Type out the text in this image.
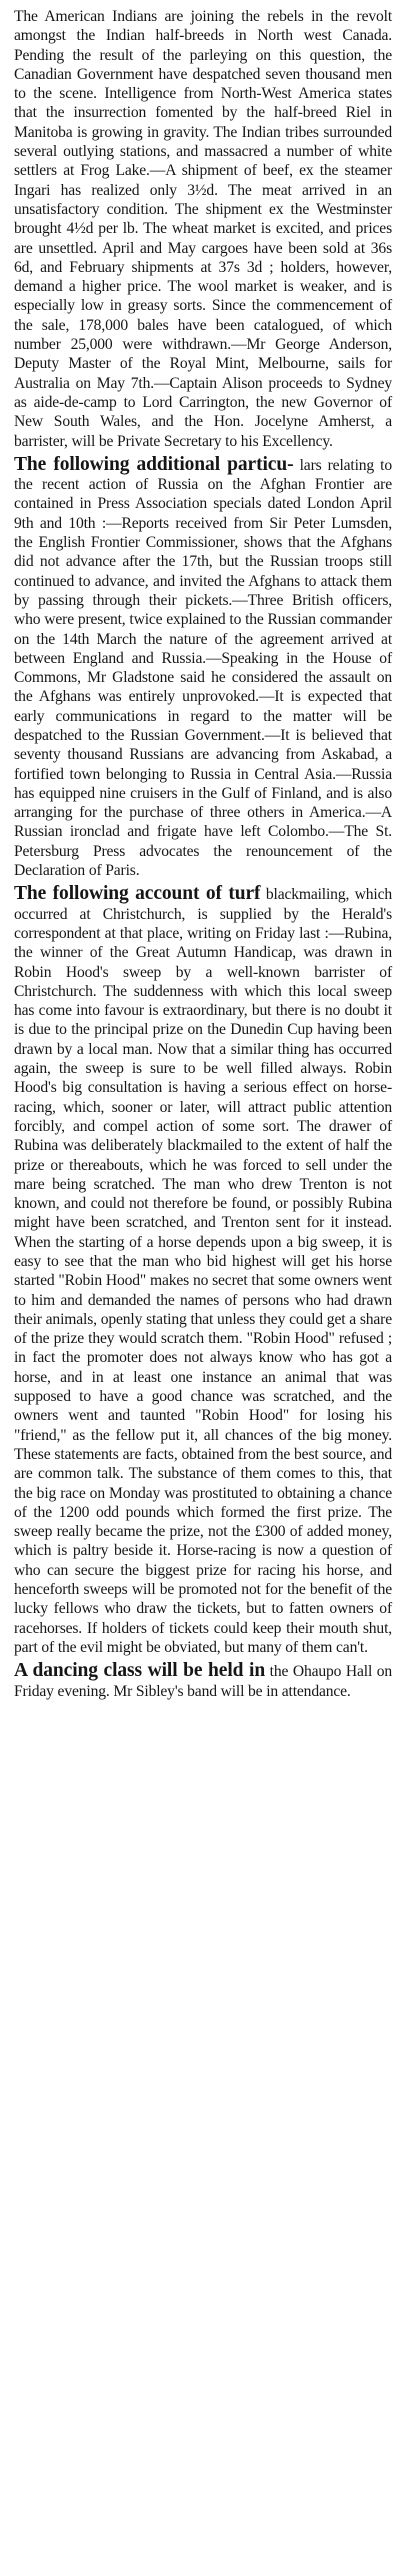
The American Indians are joining the rebels in the revolt amongst the Indian half-breeds in North west Canada. Pending the result of the parleying on this question, the Canadian Government have despatched seven thousand men to the scene. Intelligence from North-West America states that the insurrection fomented by the half-breed Riel in Manitoba is growing in gravity. The Indian tribes surrounded several outlying stations, and massacred a number of white settlers at Frog Lake.—A shipment of beef, ex the steamer Ingari has realized only 3½d. The meat arrived in an unsatisfactory condition. The shipment ex the Westminster brought 4½d per lb. The wheat market is excited, and prices are unsettled. April and May cargoes have been sold at 36s 6d, and February shipments at 37s 3d ; holders, however, demand a higher price. The wool market is weaker, and is especially low in greasy sorts. Since the commencement of the sale, 178,000 bales have been catalogued, of which number 25,000 were withdrawn.—Mr George Anderson, Deputy Master of the Royal Mint, Melbourne, sails for Australia on May 7th.—Captain Alison proceeds to Sydney as aide-de-camp to Lord Carrington, the new Governor of New South Wales, and the Hon. Jocelyne Amherst, a barrister, will be Private Secretary to his Excellency.

The following additional particu- lars relating to the recent action of Russia on the Afghan Frontier are contained in Press Association specials dated London April 9th and 10th :—Reports received from Sir Peter Lumsden, the English Frontier Commissioner, shows that the Afghans did not advance after the 17th, but the Russian troops still continued to advance, and invited the Afghans to attack them by passing through their pickets.—Three British officers, who were present, twice explained to the Russian commander on the 14th March the nature of the agreement arrived at between England and Russia.—Speaking in the House of Commons, Mr Gladstone said he considered the assault on the Afghans was entirely unprovoked.—It is expected that early communications in regard to the matter will be despatched to the Russian Government.—It is believed that seventy thousand Russians are advancing from Askabad, a fortified town belonging to Russia in Central Asia.—Russia has equipped nine cruisers in the Gulf of Finland, and is also arranging for the purchase of three others in America.—A Russian ironclad and frigate have left Colombo.—The St. Petersburg Press advocates the renouncement of the Declaration of Paris.

The following account of turf blackmailing, which occurred at Christchurch, is supplied by the Herald's correspondent at that place, writing on Friday last :—Rubina, the winner of the Great Autumn Handicap, was drawn in Robin Hood's sweep by a well-known barrister of Christchurch. The suddenness with which this local sweep has come into favour is extraordinary, but there is no doubt it is due to the principal prize on the Dunedin Cup having been drawn by a local man. Now that a similar thing has occurred again, the sweep is sure to be well filled always. Robin Hood's big consultation is having a serious effect on horse-racing, which, sooner or later, will attract public attention forcibly, and compel action of some sort. The drawer of Rubina was deliberately blackmailed to the extent of half the prize or thereabouts, which he was forced to sell under the mare being scratched. The man who drew Trenton is not known, and could not therefore be found, or possibly Rubina might have been scratched, and Trenton sent for it instead. When the starting of a horse depends upon a big sweep, it is easy to see that the man who bid highest will get his horse started "Robin Hood" makes no secret that some owners went to him and demanded the names of persons who had drawn their animals, openly stating that unless they could get a share of the prize they would scratch them. "Robin Hood" refused ; in fact the promoter does not always know who has got a horse, and in at least one instance an animal that was supposed to have a good chance was scratched, and the owners went and taunted "Robin Hood" for losing his "friend," as the fellow put it, all chances of the big money. These statements are facts, obtained from the best source, and are common talk. The substance of them comes to this, that the big race on Monday was prostituted to obtaining a chance of the 1200 odd pounds which formed the first prize. The sweep really became the prize, not the £300 of added money, which is paltry beside it. Horse-racing is now a question of who can secure the biggest prize for racing his horse, and henceforth sweeps will be promoted not for the benefit of the lucky fellows who draw the tickets, but to fatten owners of racehorses. If holders of tickets could keep their mouth shut, part of the evil might be obviated, but many of them can't.

A dancing class will be held in the Ohaupo Hall on Friday evening. Mr Sibley's band will be in attendance.
